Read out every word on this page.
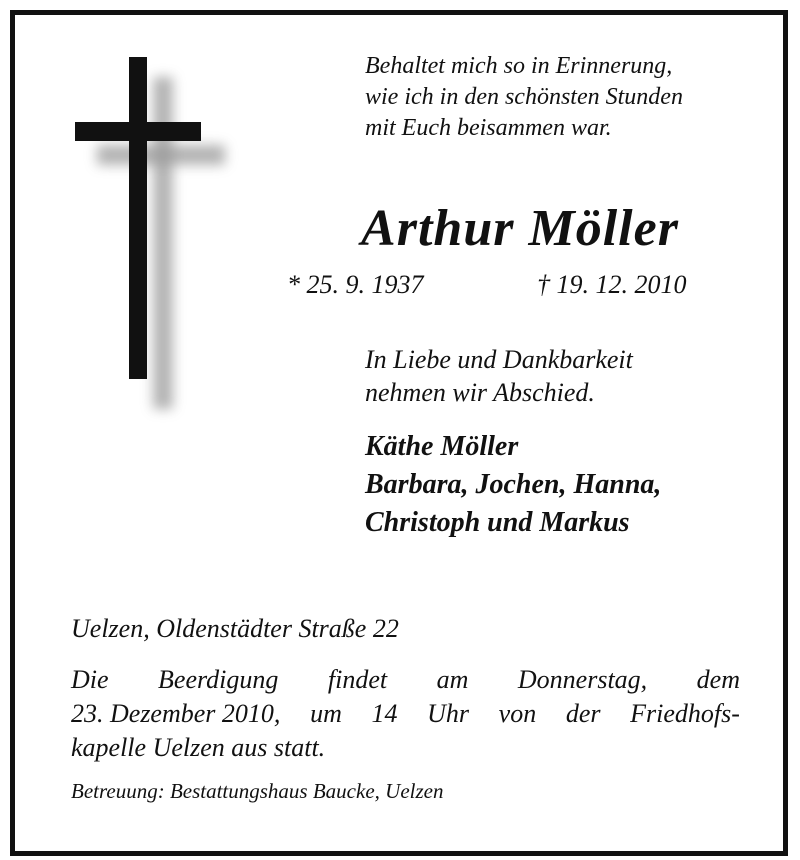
Behaltet mich so in Erinnerung,
wie ich in den schönsten Stunden
mit Euch beisammen war.
Arthur Möller
* 25. 9. 1937	† 19. 12. 2010
In Liebe und Dankbarkeit
nehmen wir Abschied.
Käthe Möller
Barbara, Jochen, Hanna,
Christoph und Markus
Uelzen, Oldenstädter Straße 22
Die Beerdigung findet am Donnerstag, dem
23. Dezember 2010, um 14 Uhr von der Friedhofs-
kapelle Uelzen aus statt.
Betreuung: Bestattungshaus Baucke, Uelzen
